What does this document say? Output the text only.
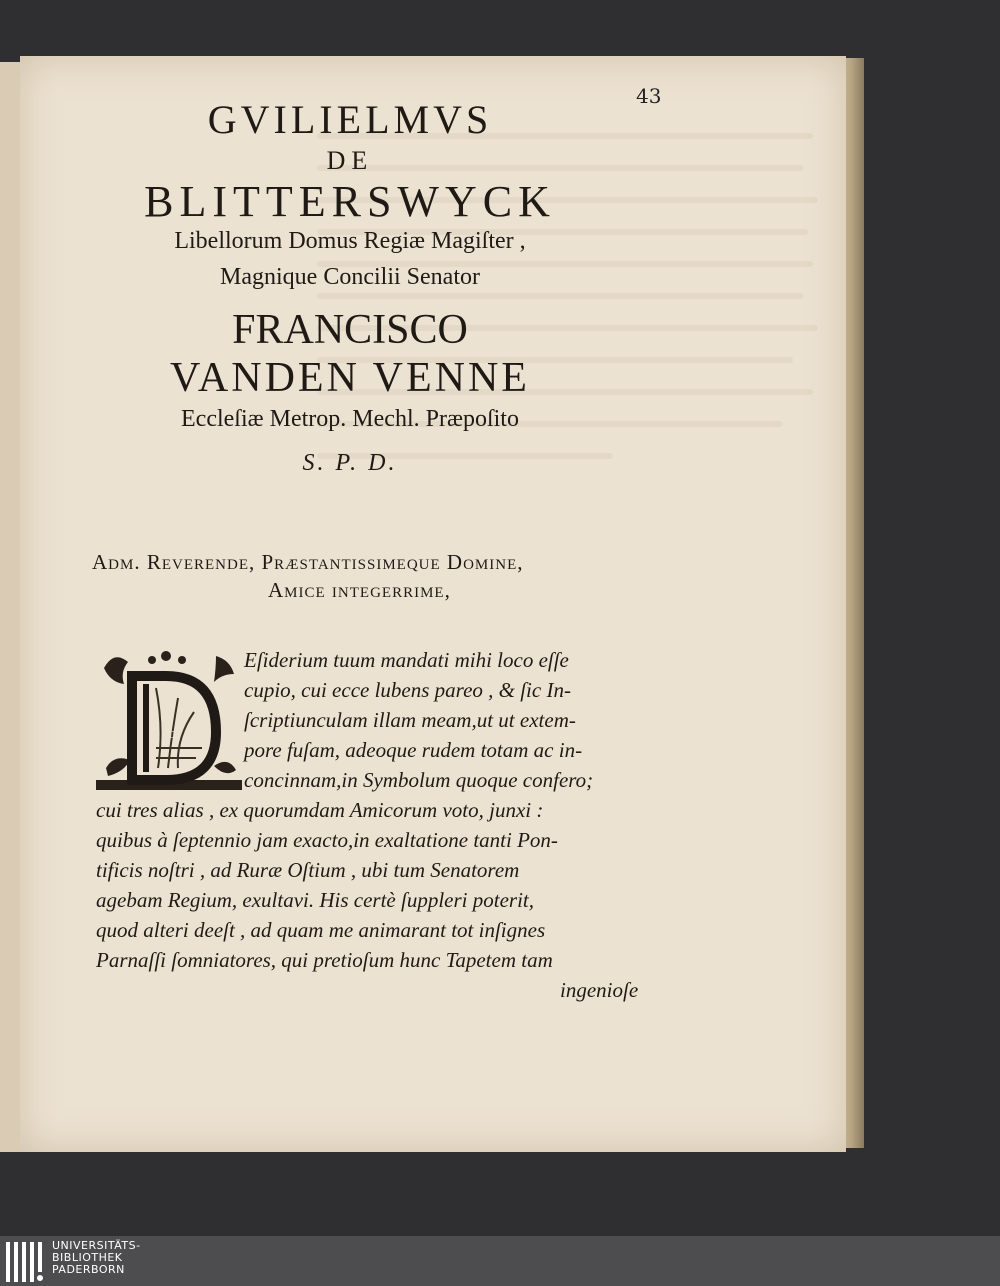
43
GVILIELMVS
DE
BLITTERSWYCK
Libellorum Domus Regiæ Magiſter ,
Magnique Concilii Senator
FRANCISCO
VANDEN VENNE
Eccleſiæ Metrop. Mechl. Præpoſito
S. P. D.
Adm. Reverende, Præstantissimeque Domine,
Amice integerrime,
D
Eſiderium tuum mandati mihi loco eſſe
cupio, cui ecce lubens pareo , & ſic In-
ſcriptiunculam illam meam,ut ut extem-
pore fuſam, adeoque rudem totam ac in-
concinnam,in Symbolum quoque confero;
cui tres alias , ex quorumdam Amicorum voto, junxi :
quibus à ſeptennio jam exacto,in exaltatione tanti Pon-
tificis noſtri , ad Ruræ Oſtium , ubi tum Senatorem
agebam Regium, exultavi. His certè ſuppleri poterit,
quod alteri deeſt , ad quam me animarant tot inſignes
Parnaſſi ſomniatores, qui pretioſum hunc Tapetem tam
ingenioſe
UNIVERSITÄTS-
BIBLIOTHEK
PADERBORN
